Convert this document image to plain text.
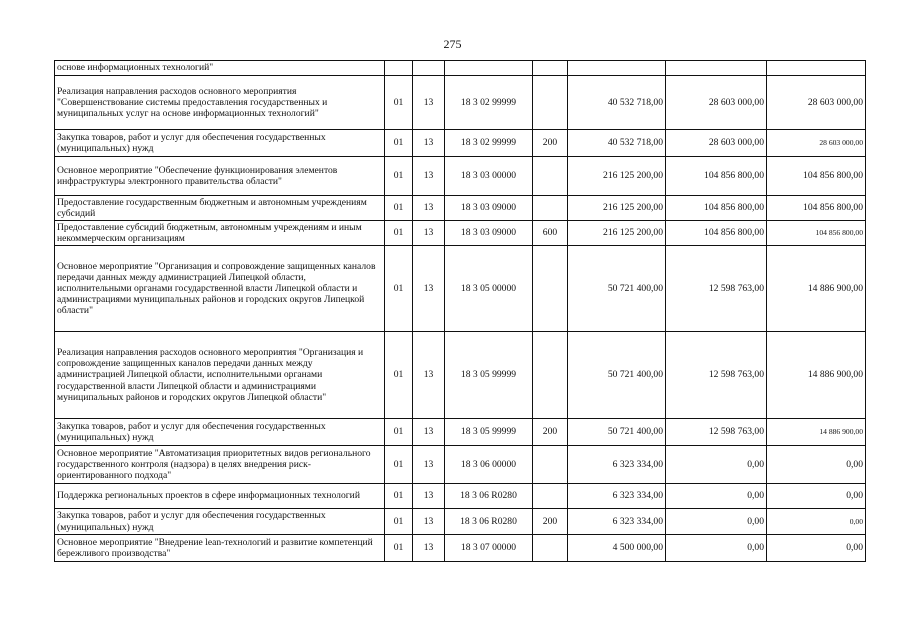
275
основе информационных технологий"							
Реализация направления расходов основного мероприятия "Совершенствование системы предоставления государственных и муниципальных услуг на основе информационных технологий"	01	13	18 3 02 99999		40 532 718,00	28 603 000,00	28 603 000,00
Закупка товаров, работ и услуг для обеспечения государственных (муниципальных) нужд	01	13	18 3 02 99999	200	40 532 718,00	28 603 000,00	28 603 000,00
Основное мероприятие "Обеспечение функционирования элементов инфраструктуры электронного правительства области"	01	13	18 3 03 00000		216 125 200,00	104 856 800,00	104 856 800,00
Предоставление государственным бюджетным и автономным учреждениям субсидий	01	13	18 3 03 09000		216 125 200,00	104 856 800,00	104 856 800,00
Предоставление субсидий бюджетным, автономным учреждениям и иным некоммерческим организациям	01	13	18 3 03 09000	600	216 125 200,00	104 856 800,00	104 856 800,00
Основное мероприятие "Организация и сопровождение защищенных каналов передачи данных между администрацией Липецкой области, исполнительными органами государственной власти Липецкой области и администрациями муниципальных районов и городских округов Липецкой области"	01	13	18 3 05 00000		50 721 400,00	12 598 763,00	14 886 900,00
Реализация направления расходов основного мероприятия "Организация и сопровождение защищенных каналов передачи данных между администрацией Липецкой области, исполнительными органами государственной власти Липецкой области и администрациями муниципальных районов и городских округов Липецкой области"	01	13	18 3 05 99999		50 721 400,00	12 598 763,00	14 886 900,00
Закупка товаров, работ и услуг для обеспечения государственных (муниципальных) нужд	01	13	18 3 05 99999	200	50 721 400,00	12 598 763,00	14 886 900,00
Основное мероприятие "Автоматизация приоритетных видов регионального государственного контроля (надзора) в целях внедрения риск-ориентированного подхода"	01	13	18 3 06 00000		6 323 334,00	0,00	0,00
Поддержка региональных проектов в сфере информационных технологий	01	13	18 3 06 R0280		6 323 334,00	0,00	0,00
Закупка товаров, работ и услуг для обеспечения государственных (муниципальных) нужд	01	13	18 3 06 R0280	200	6 323 334,00	0,00	0,00
Основное мероприятие "Внедрение lean-технологий и развитие компетенций бережливого производства"	01	13	18 3 07 00000		4 500 000,00	0,00	0,00
